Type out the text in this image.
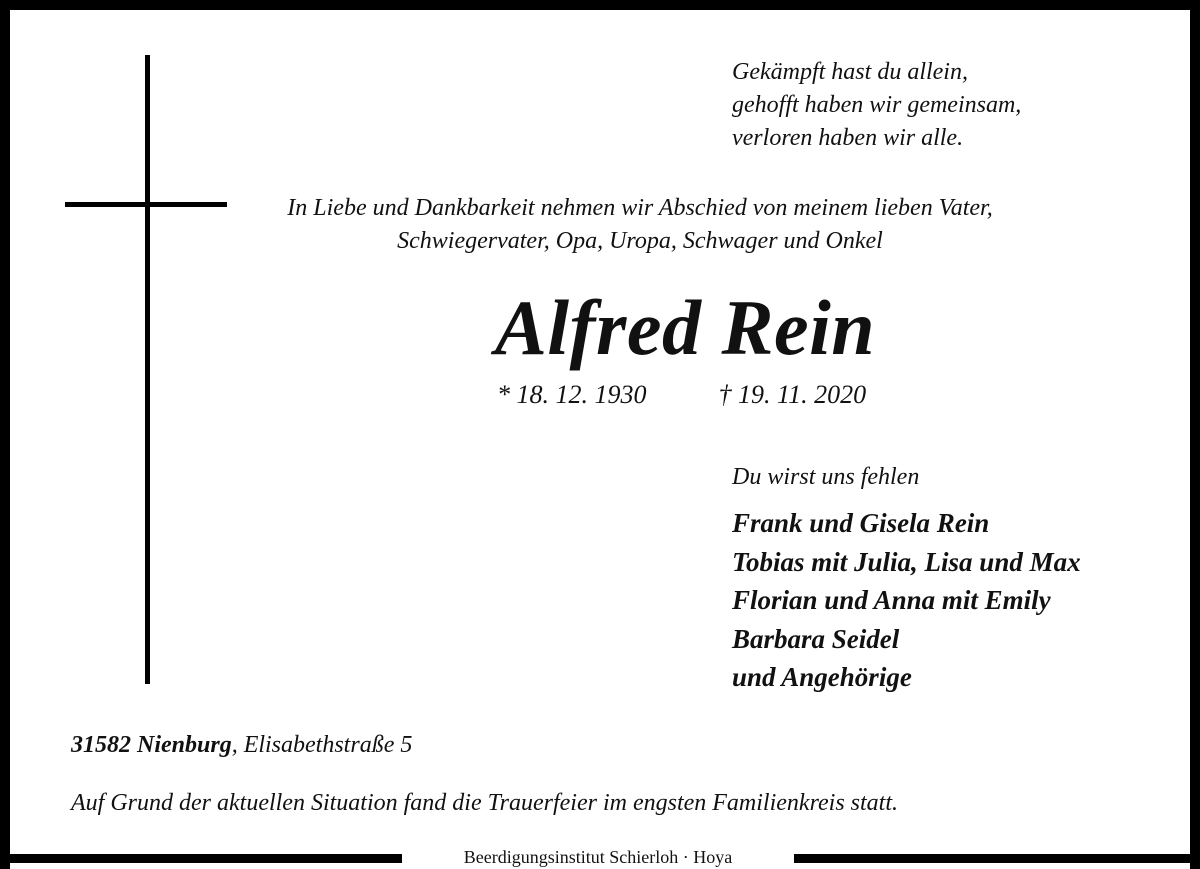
Gekämpft hast du allein,
gehofft haben wir gemeinsam,
verloren haben wir alle.
In Liebe und Dankbarkeit nehmen wir Abschied von meinem lieben Vater,
Schwiegervater, Opa, Uropa, Schwager und Onkel
Alfred Rein
* 18. 12. 1930	† 19. 11. 2020
Du wirst uns fehlen
Frank und Gisela Rein
Tobias mit Julia, Lisa und Max
Florian und Anna mit Emily
Barbara Seidel
und Angehörige
31582 Nienburg, Elisabethstraße 5
Auf Grund der aktuellen Situation fand die Trauerfeier im engsten Familienkreis statt.
Beerdigungsinstitut Schierloh · Hoya
